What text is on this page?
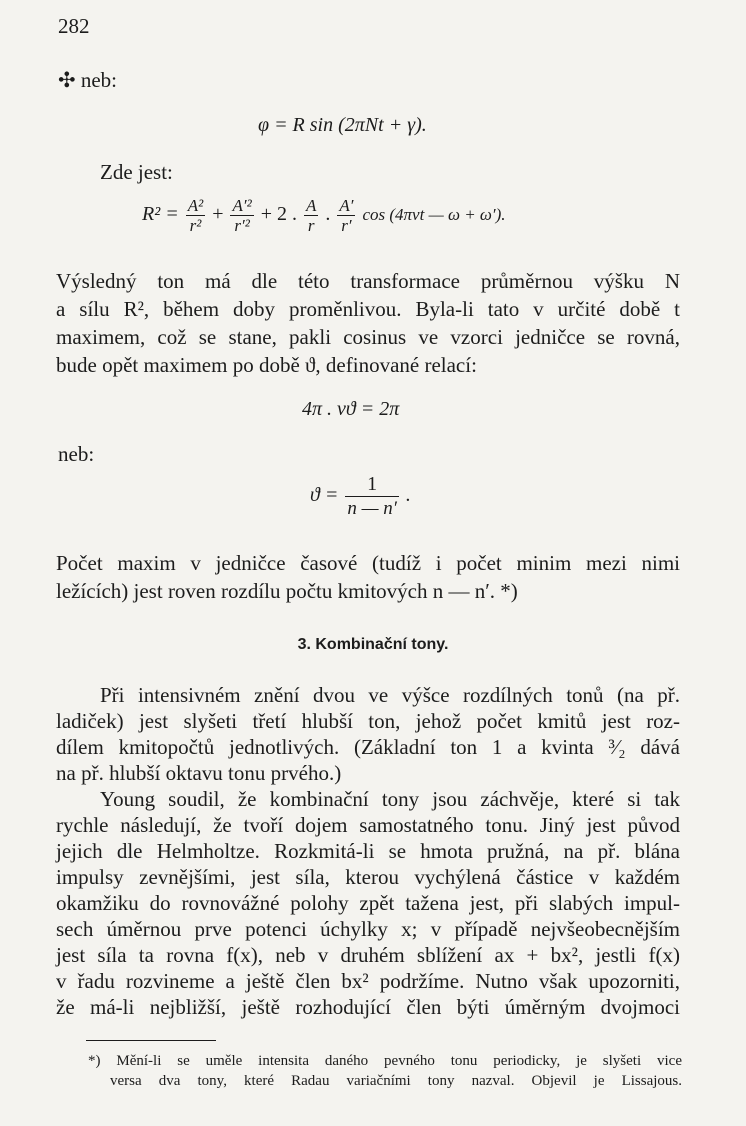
282
✣ neb:
φ = R sin (2πNt + γ).
Zde jest:
$R^2 = \frac{\text{A²}}{\text{r²}} + \frac{\text{A′²}}{\text{r′²}} + 2$ . $\frac{A}{r}$ . $\frac{A'}{r'}$ cos (4πνt — ω + ω′).
Výsledný ton má dle této transformace průměrnou výšku N
a sílu R², během doby proměnlivou. Byla-li tato v určité době t
maximem, což se stane, pakli cosinus ve vzorci jedničce se rovná,
bude opět maximem po době ϑ, definované relací:
4π . νϑ = 2π
neb:
$ϑ = \frac{1}{n — n'}$ .
Počet maxim v jedničce časové (tudíž i počet minim mezi nimi
ležících) jest roven rozdílu počtu kmitových n — n′. *)
3. Kombinační tony.
Při intensivném znění dvou ve výšce rozdílných tonů (na př.
ladiček) jest slyšeti třetí hlubší ton, jehož počet kmitů jest roz-
dílem kmitopočtů jednotlivých. (Základní ton 1 a kvinta ³⁄₂ dává
na př. hlubší oktavu tonu prvého.)
Young soudil, že kombinační tony jsou záchvěje, které si tak
rychle následují, že tvoří dojem samostatného tonu. Jiný jest původ
jejich dle Helmholtze. Rozkmitá-li se hmota pružná, na př. blána
impulsy zevnějšími, jest síla, kterou vychýlená částice v každém
okamžiku do rovnovážné polohy zpět tažena jest, při slabých impul-
sech úměrnou prve potenci úchylky x; v případě nejvšeobecnějším
jest síla ta rovna f(x), neb v druhém sblížení ax + bx², jestli f(x)
v řadu rozvineme a ještě člen bx² podržíme. Nutno však upozorniti,
že má-li nejbližší, ještě rozhodující člen býti úměrným dvojmoci
*) Mění-li se uměle intensita daného pevného tonu periodicky, je slyšeti vice
versa dva tony, které Radau variačními tony nazval. Objevil je Lissajous.
